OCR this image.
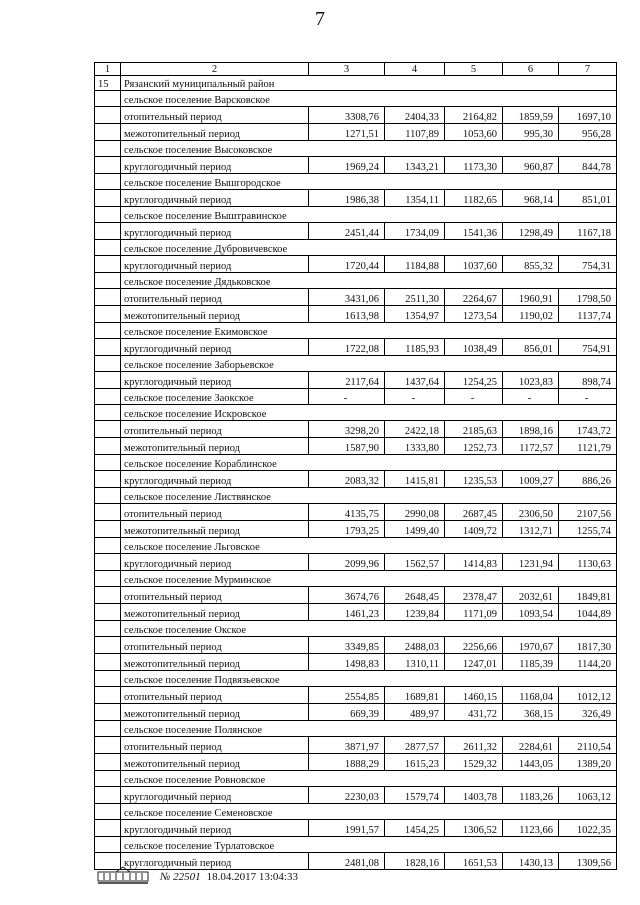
7
1	2	3	4	5	6	7
15	Рязанский муниципальный район					
	сельское поселение Варсковское					
	отопительный период	3308,76	2404,33	2164,82	1859,59	1697,10
	межотопительный период	1271,51	1107,89	1053,60	995,30	956,28
	сельское поселение Высоковское					
	круглогодичный период	1969,24	1343,21	1173,30	960,87	844,78
	сельское поселение Вышгородское					
	круглогодичный период	1986,38	1354,11	1182,65	968,14	851,01
	сельское поселение Выштравинское					
	круглогодичный период	2451,44	1734,09	1541,36	1298,49	1167,18
	сельское поселение Дубровичевское					
	круглогодичный период	1720,44	1184,88	1037,60	855,32	754,31
	сельское поселение Дядьковское					
	отопительный период	3431,06	2511,30	2264,67	1960,91	1798,50
	межотопительный период	1613,98	1354,97	1273,54	1190,02	1137,74
	сельское поселение Екимовское					
	круглогодичный период	1722,08	1185,93	1038,49	856,01	754,91
	сельское поселение Заборьевское					
	круглогодичный период	2117,64	1437,64	1254,25	1023,83	898,74
	сельское поселение Заокское	-	-	-	-	-
	сельское поселение Искровское					
	отопительный период	3298,20	2422,18	2185,63	1898,16	1743,72
	межотопительный период	1587,90	1333,80	1252,73	1172,57	1121,79
	сельское поселение Кораблинское					
	круглогодичный период	2083,32	1415,81	1235,53	1009,27	886,26
	сельское поселение Листвянское					
	отопительный период	4135,75	2990,08	2687,45	2306,50	2107,56
	межотопительный период	1793,25	1499,40	1409,72	1312,71	1255,74
	сельское поселение Льговское					
	круглогодичный период	2099,96	1562,57	1414,83	1231,94	1130,63
	сельское поселение Мурминское					
	отопительный период	3674,76	2648,45	2378,47	2032,61	1849,81
	межотопительный период	1461,23	1239,84	1171,09	1093,54	1044,89
	сельское поселение Окское					
	отопительный период	3349,85	2488,03	2256,66	1970,67	1817,30
	межотопительный период	1498,83	1310,11	1247,01	1185,39	1144,20
	сельское поселение Подвязьевское					
	отопительный период	2554,85	1689,81	1460,15	1168,04	1012,12
	межотопительный период	669,39	489,97	431,72	368,15	326,49
	сельское поселение Полянское					
	отопительный период	3871,97	2877,57	2611,32	2284,61	2110,54
	межотопительный период	1888,29	1615,23	1529,32	1443,05	1389,20
	сельское поселение Ровновское					
	круглогодичный период	2230,03	1579,74	1403,78	1183,26	1063,12
	сельское поселение Семеновское					
	круглогодичный период	1991,57	1454,25	1306,52	1123,66	1022,35
	сельское поселение Турлатовское					
	круглогодичный период	2481,08	1828,16	1651,53	1430,13	1309,56
№ 22501 18.04.2017 13:04:33
